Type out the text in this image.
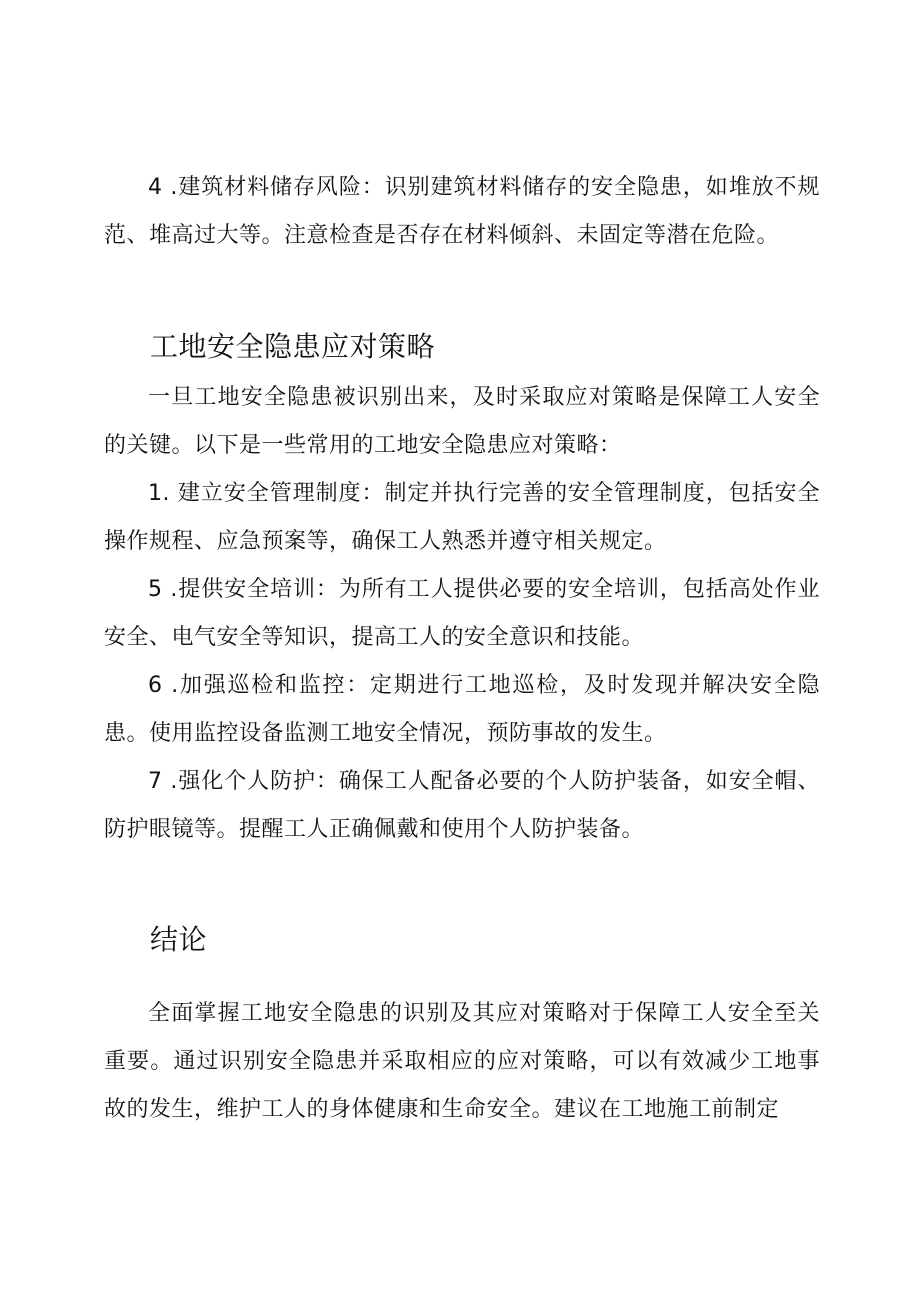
4 .建筑材料储存风险：识别建筑材料储存的安全隐患，如堆放不规范、堆高过大等。注意检查是否存在材料倾斜、未固定等潜在危险。

工地安全隐患应对策略

一旦工地安全隐患被识别出来，及时采取应对策略是保障工人安全的关键。以下是一些常用的工地安全隐患应对策略：

1. 建立安全管理制度：制定并执行完善的安全管理制度，包括安全操作规程、应急预案等，确保工人熟悉并遵守相关规定。

5 .提供安全培训：为所有工人提供必要的安全培训，包括高处作业安全、电气安全等知识，提高工人的安全意识和技能。

6 .加强巡检和监控：定期进行工地巡检，及时发现并解决安全隐患。使用监控设备监测工地安全情况，预防事故的发生。

7 .强化个人防护：确保工人配备必要的个人防护装备，如安全帽、防护眼镜等。提醒工人正确佩戴和使用个人防护装备。

结论

全面掌握工地安全隐患的识别及其应对策略对于保障工人安全至关重要。通过识别安全隐患并采取相应的应对策略，可以有效减少工地事故的发生，维护工人的身体健康和生命安全。建议在工地施工前制定
